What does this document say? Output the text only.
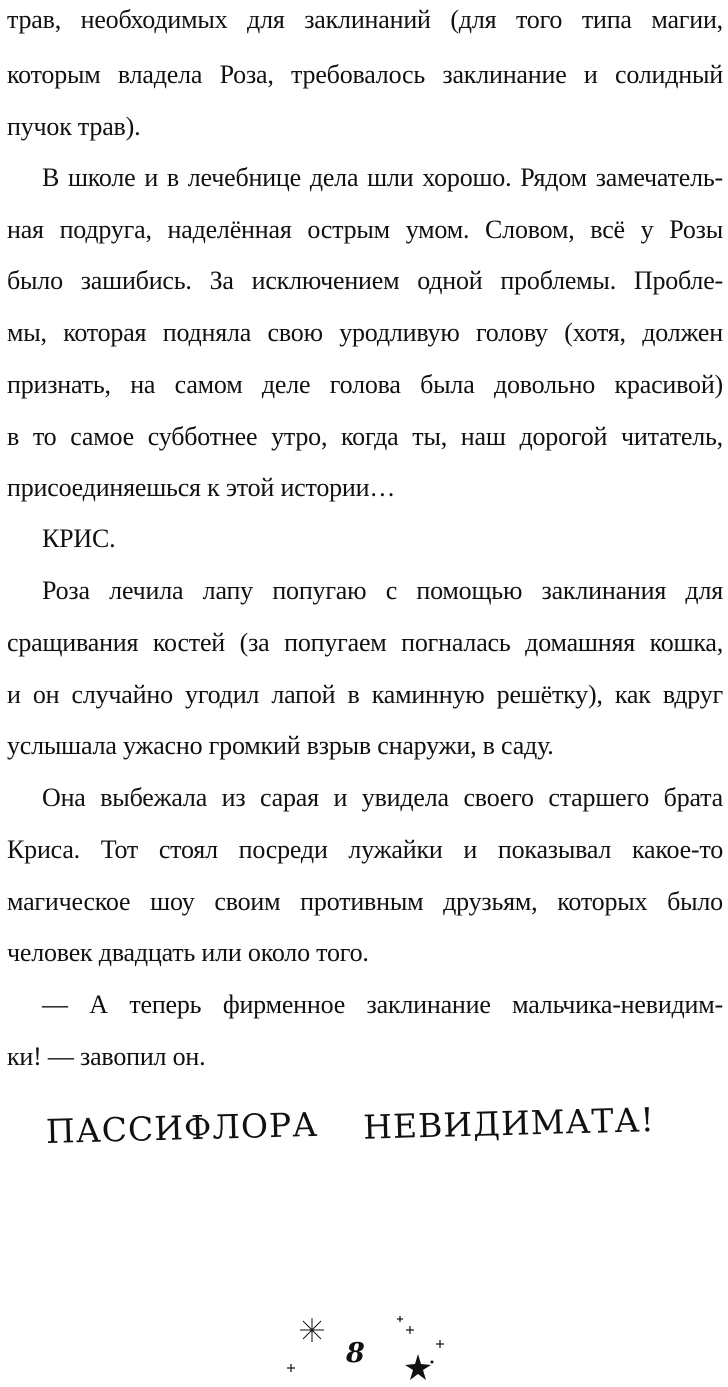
трав, необходимых для заклинаний (для того типа магии,
которым владела Роза, требовалось заклинание и солидный
пучок трав).
В школе и в лечебнице дела шли хорошо. Рядом замечатель-
ная подруга, наделённая острым умом. Словом, всё у Розы
было зашибись. За исключением одной проблемы. Пробле-
мы, которая подняла свою уродливую голову (хотя, должен
признать, на самом деле голова была довольно красивой)
в то самое субботнее утро, когда ты, наш дорогой читатель,
присоединяешься к этой истории…
КРИС.
Роза лечила лапу попугаю с помощью заклинания для
сращивания костей (за попугаем погналась домашняя кошка,
и он случайно угодил лапой в каминную решётку), как вдруг
услышала ужасно громкий взрыв снаружи, в саду.
Она выбежала из сарая и увидела своего старшего брата
Криса. Тот стоял посреди лужайки и показывал какое-то
магическое шоу своим противным друзьям, которых было
человек двадцать или около того.
— А теперь фирменное заклинание мальчика-невидим-
ки! — завопил он.
ПАССИФЛОРА НЕВИДИМАТА!
8
